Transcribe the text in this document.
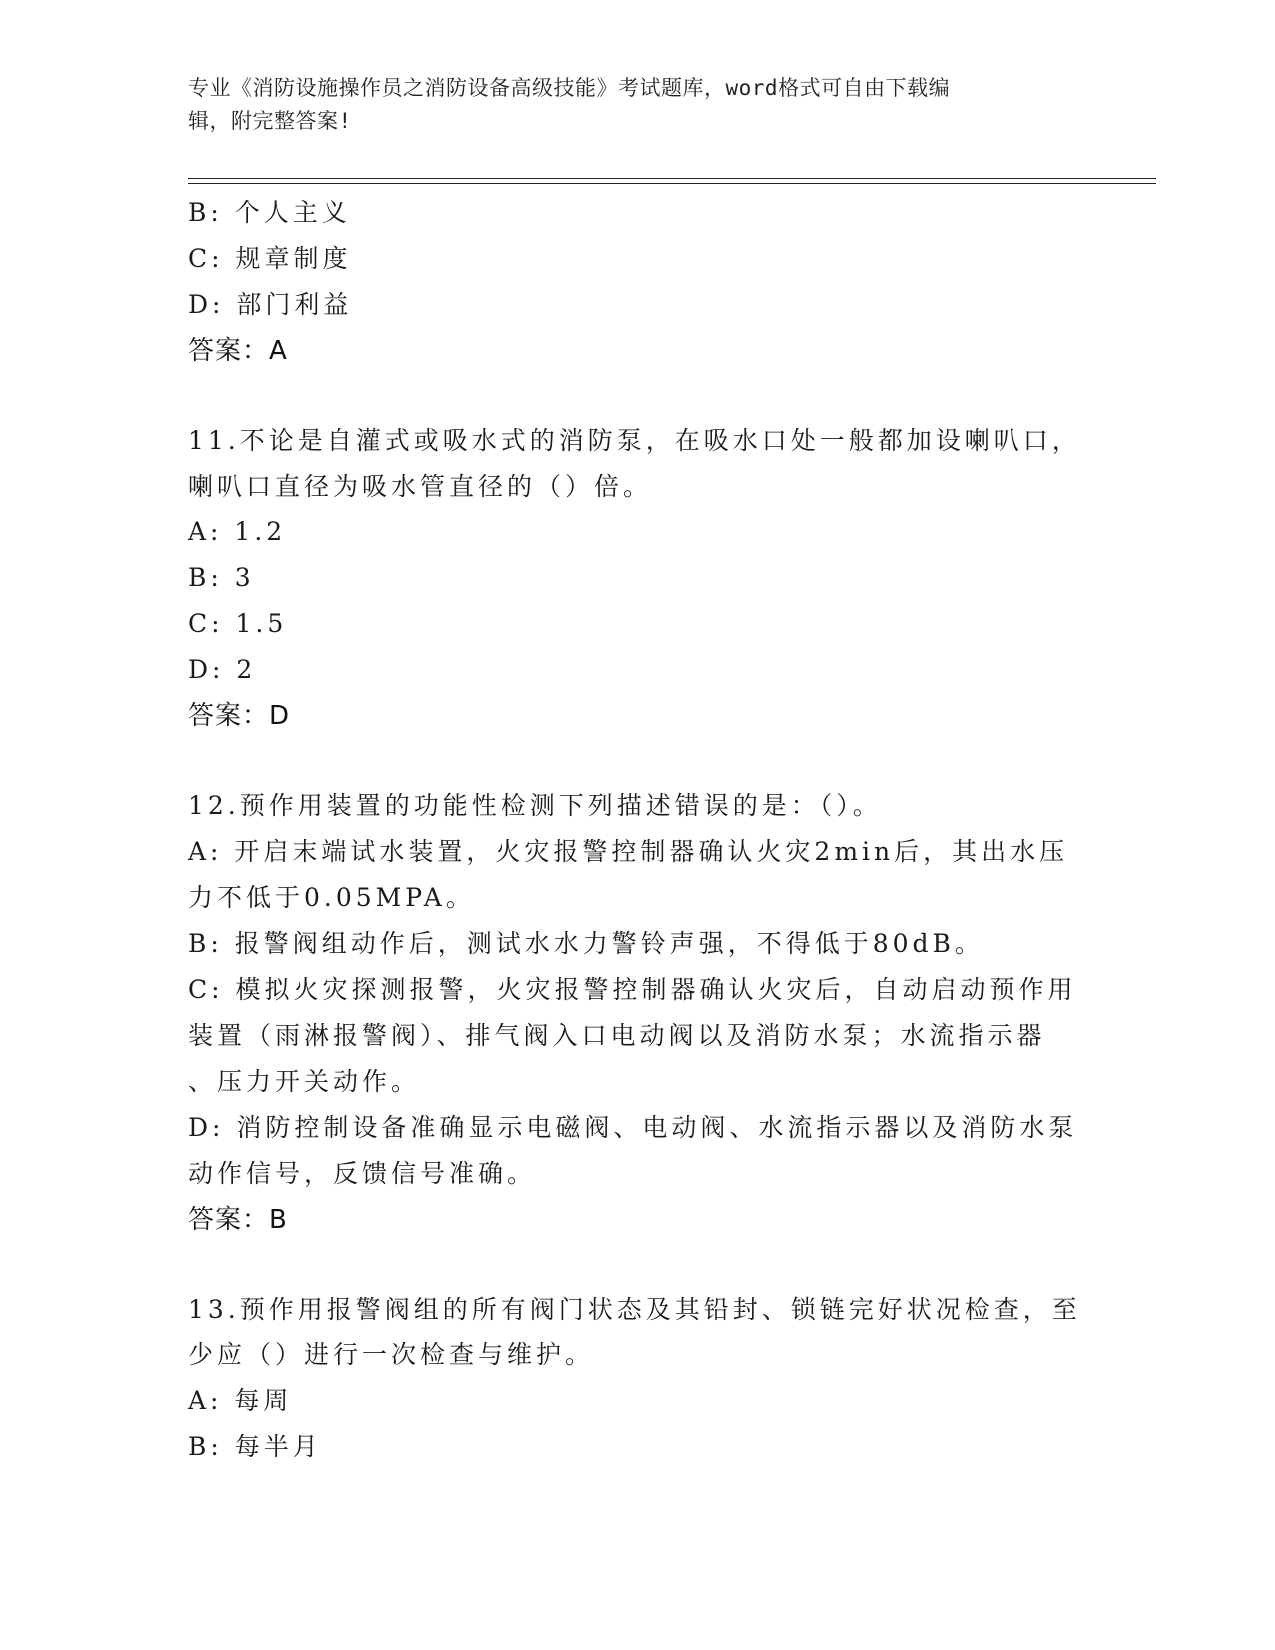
专业《消防设施操作员之消防设备高级技能》考试题库，word格式可自由下载编
辑，附完整答案!
B: 个人主义
C: 规章制度
D: 部门利益
答案：A
11.不论是自灌式或吸水式的消防泵，在吸水口处一般都加设喇叭口，
喇叭口直径为吸水管直径的（）倍。
A: 1.2
B: 3
C: 1.5
D: 2
答案：D
12.预作用装置的功能性检测下列描述错误的是：（）。
A: 开启末端试水装置，火灾报警控制器确认火灾2min后，其出水压
力不低于0.05MPA。
B: 报警阀组动作后，测试水水力警铃声强，不得低于80dB。
C: 模拟火灾探测报警，火灾报警控制器确认火灾后，自动启动预作用
装置（雨淋报警阀）、排气阀入口电动阀以及消防水泵；水流指示器
、压力开关动作。
D: 消防控制设备准确显示电磁阀、电动阀、水流指示器以及消防水泵
动作信号，反馈信号准确。
答案：B
13.预作用报警阀组的所有阀门状态及其铅封、锁链完好状况检查，至
少应（）进行一次检查与维护。
A: 每周
B: 每半月
